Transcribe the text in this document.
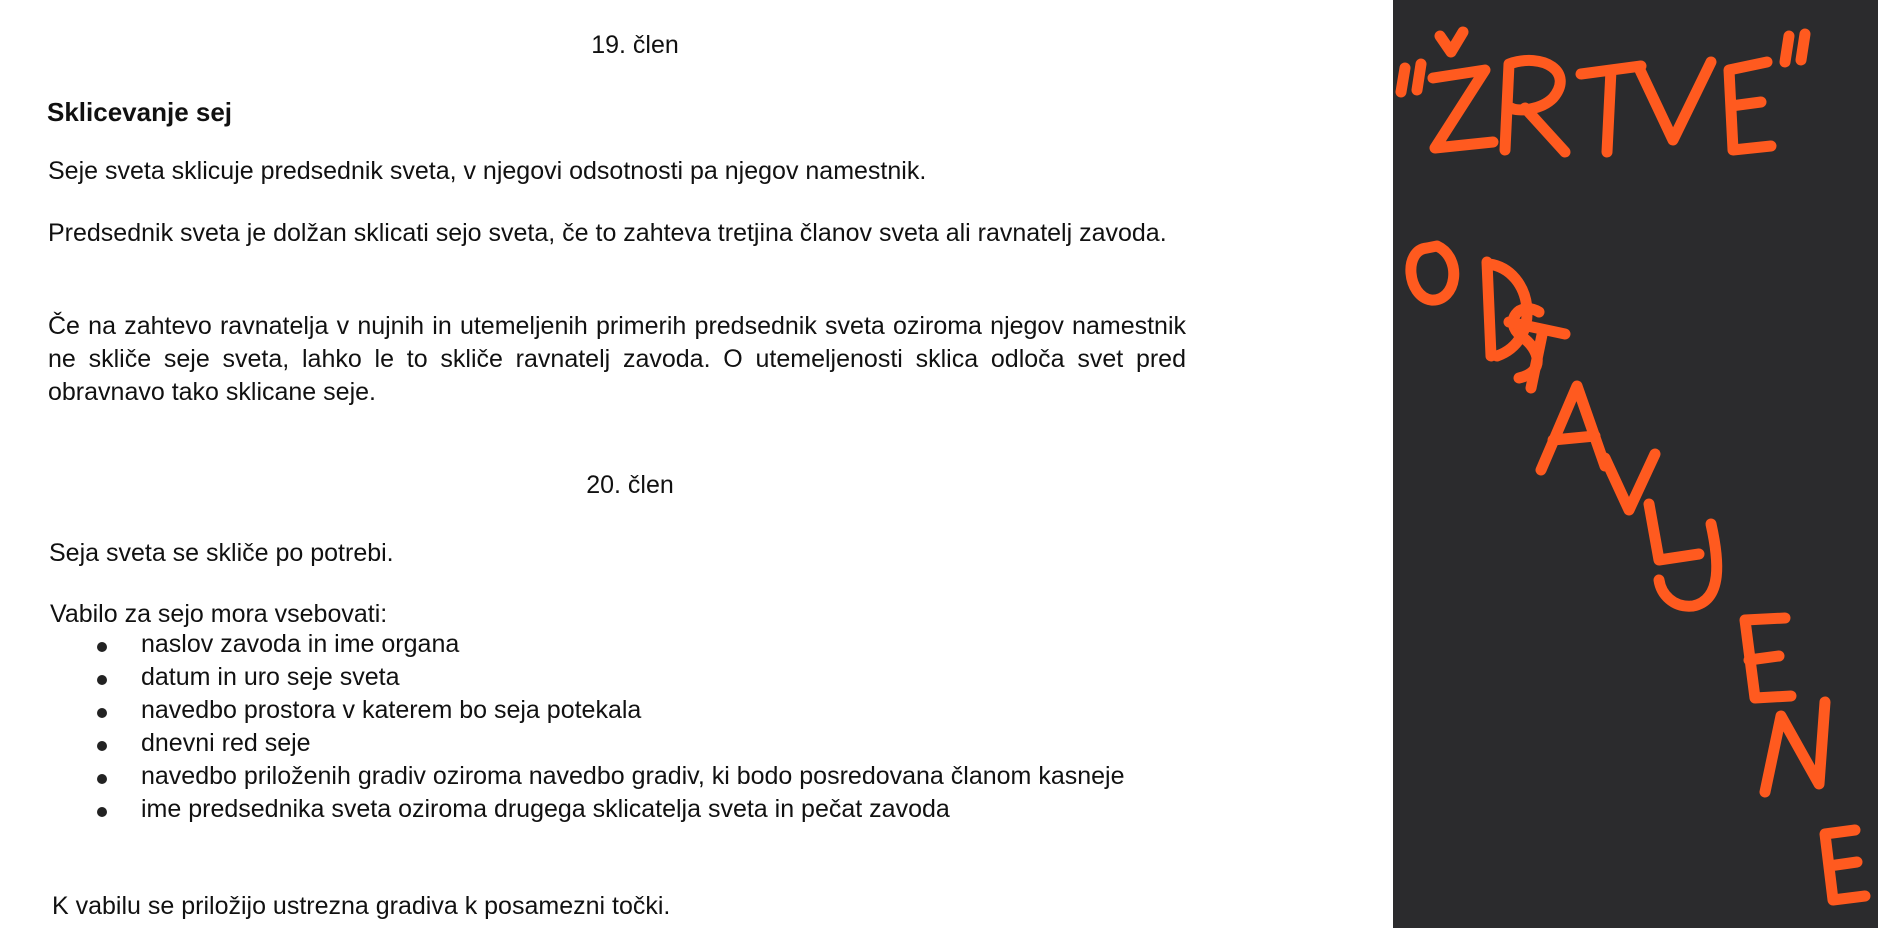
19. člen

Sklicevanje sej

Seje sveta sklicuje predsednik sveta, v njegovi odsotnosti pa njegov namestnik.

Predsednik sveta je dolžan sklicati sejo sveta, če to zahteva tretjina članov sveta ali ravnatelj zavoda.

Če na zahtevo ravnatelja v nujnih in utemeljenih primerih predsednik sveta oziroma njegov namestnik ne skliče seje sveta, lahko le to skliče ravnatelj zavoda. O utemeljenosti sklica odloča svet pred obravnavo tako sklicane seje.

20. člen

Seja sveta se skliče po potrebi.

Vabilo za sejo mora vsebovati:

naslov zavoda in ime organa
datum in uro seje sveta
navedbo prostora v katerem bo seja potekala
dnevni red seje
navedbo priloženih gradiv oziroma navedbo gradiv, ki bodo posredovana članom kasneje
ime predsednika sveta oziroma drugega sklicatelja sveta in pečat zavoda

K vabilu se priložijo ustrezna gradiva k posamezni točki.
